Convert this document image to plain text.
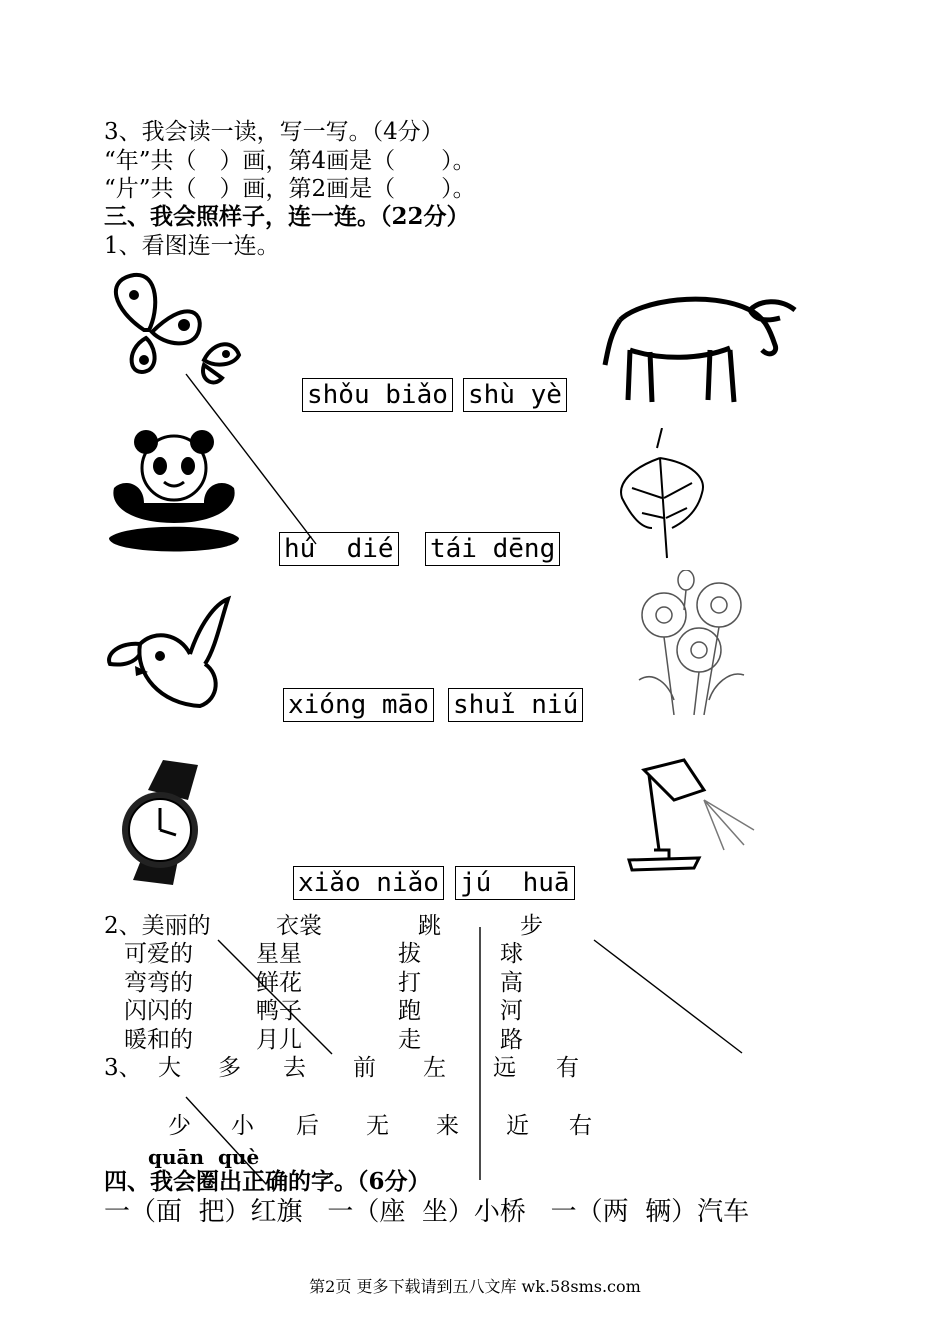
3、我会读一读，写一写。（4分）
“年”共（　）画，第4画是（　　）。
“片”共（　）画，第2画是（　　）。
三、我会照样子，连一连。（22分）
1、看图连一连。
shǒu biǎo shù yè
hú  dié tái dēng
xióng māo shuǐ niú
xiǎo niǎo jú  huā
2、美丽的	衣裳	跳	步
可爱的	星星	拔	球
弯弯的	鲜花	打	高
闪闪的	鸭子	跑	河
暖和的	月儿	走	路
3、 大 多 去 前 左 远 有
少 小 后 无 来 近 右
quān  què
四、我会圈出正确的字。（6分）
一（面  把）红旗   一（座  坐）小桥   一（两  辆）汽车
第2页 更多下载请到五八文库 wk.58sms.com
